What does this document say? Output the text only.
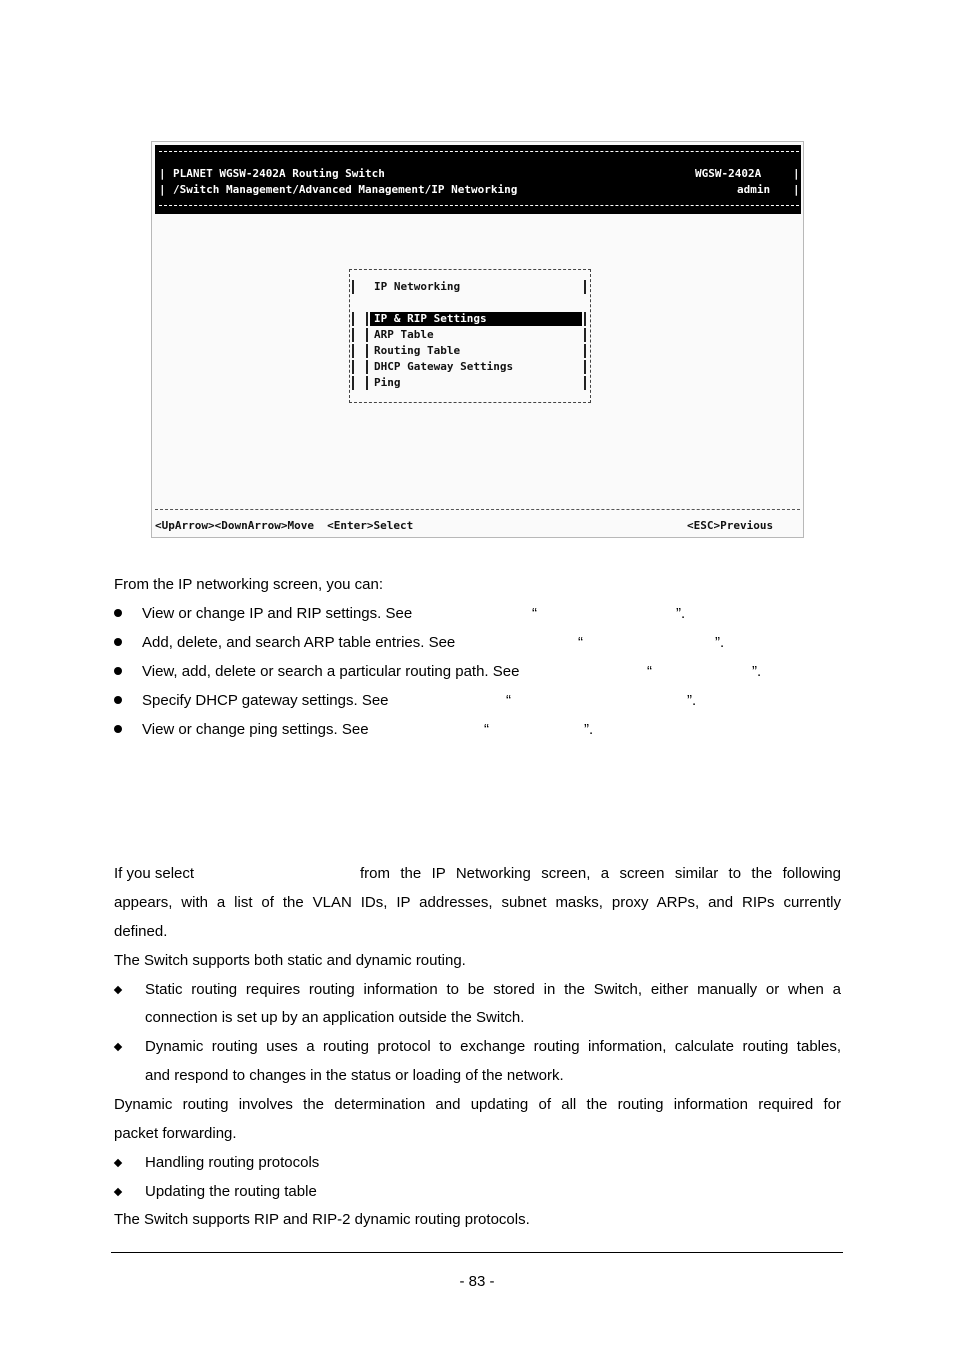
| PLANET WGSW-2402A Routing Switch	WGSW-2402A	|
| /Switch Management/Advanced Management/IP Networking	admin |
IP Networking
IP & RIP Settings
ARP Table
Routing Table
DHCP Gateway Settings
Ping
<UpArrow><DownArrow>Move  <Enter>Select	<ESC>Previous
From the IP networking screen, you can:
View or change IP and RIP settings. See	“	”.
Add, delete, and search ARP table entries. See	“	”.
View, add, delete or search a particular routing path. See	“	”.
Specify DHCP gateway settings. See	“	”.
View or change ping settings. See	“	”.
If you select	from the IP Networking screen, a screen similar to the following
appears, with a list of the VLAN IDs, IP addresses, subnet masks, proxy ARPs, and RIPs currently
defined.
The Switch supports both static and dynamic routing.
Static routing requires routing information to be stored in the Switch, either manually or when a
connection is set up by an application outside the Switch.
Dynamic routing uses a routing protocol to exchange routing information, calculate routing tables,
and respond to changes in the status or loading of the network.
Dynamic routing involves the determination and updating of all the routing information required for
packet forwarding.
Handling routing protocols
Updating the routing table
The Switch supports RIP and RIP-2 dynamic routing protocols.
- 83 -
